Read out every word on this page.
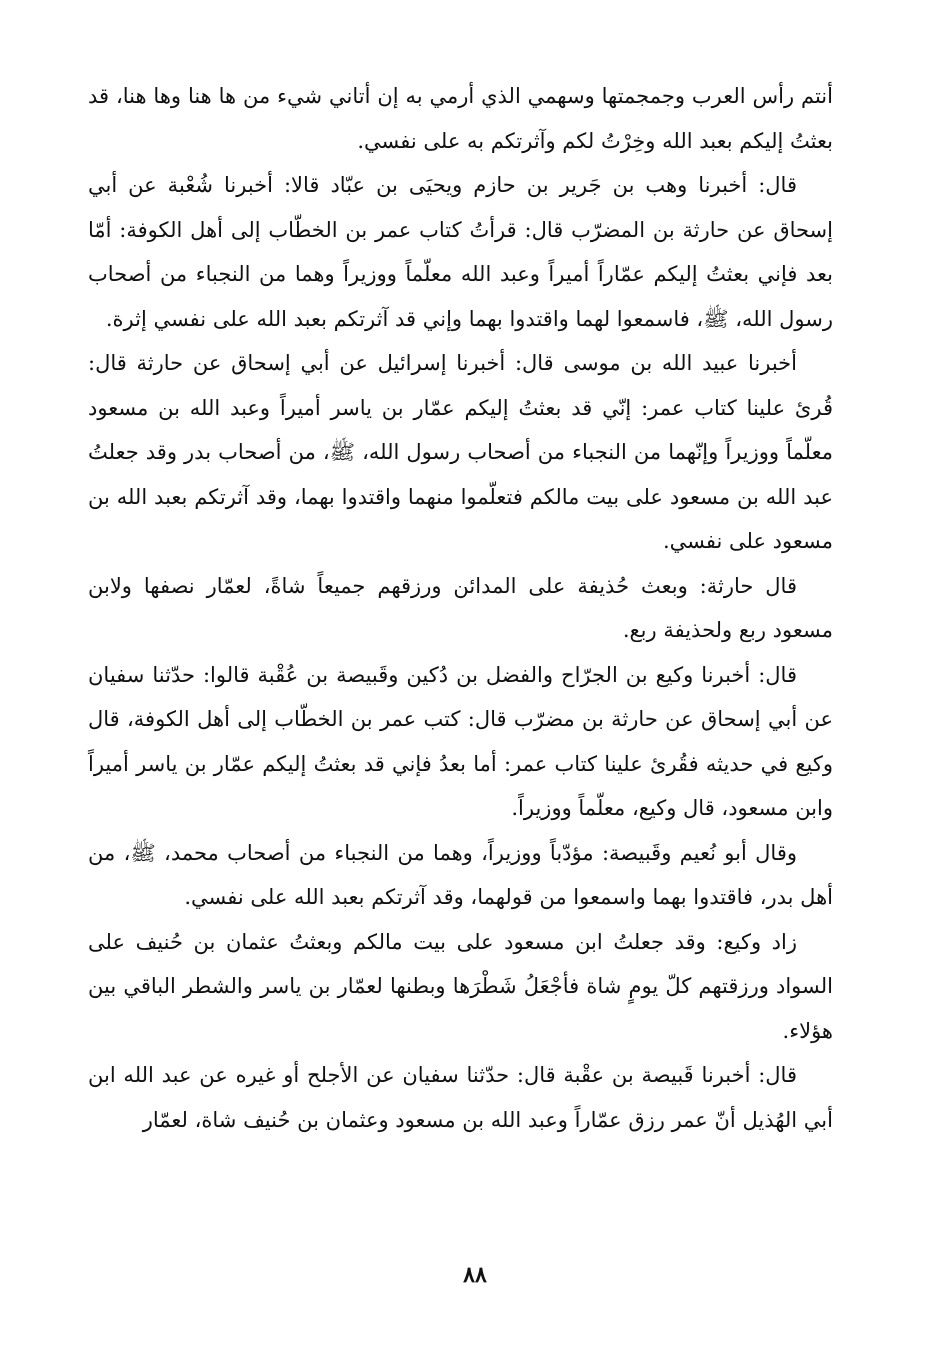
أنتم رأس العرب وجمجمتها وسهمي الذي أرمي به إن أتاني شيء من ها هنا وها هنا، قد بعثتُ إليكم بعبد الله وخِرْتُ لكم وآثرتكم به على نفسي.

قال: أخبرنا وهب بن جَرير بن حازم ويحيَى بن عبّاد قالا: أخبرنا شُعْبة عن أبي إسحاق عن حارثة بن المضرّب قال: قرأتُ كتاب عمر بن الخطّاب إلى أهل الكوفة: أمّا بعد فإني بعثتُ إليكم عمّاراً أميراً وعبد الله معلّماً ووزيراً وهما من النجباء من أصحاب رسول الله، ﷺ، فاسمعوا لهما واقتدوا بهما وإني قد آثرتكم بعبد الله على نفسي إثرة.

أخبرنا عبيد الله بن موسى قال: أخبرنا إسرائيل عن أبي إسحاق عن حارثة قال: قُرئ علينا كتاب عمر: إنّي قد بعثتُ إليكم عمّار بن ياسر أميراً وعبد الله بن مسعود معلّماً ووزيراً وإنّهما من النجباء من أصحاب رسول الله، ﷺ، من أصحاب بدر وقد جعلتُ عبد الله بن مسعود على بيت مالكم فتعلّموا منهما واقتدوا بهما، وقد آثرتكم بعبد الله بن مسعود على نفسي.

قال حارثة: وبعث حُذيفة على المدائن ورزقهم جميعاً شاةً، لعمّار نصفها ولابن مسعود ربع ولحذيفة ربع.

قال: أخبرنا وكيع بن الجرّاح والفضل بن دُكين وقَبيصة بن عُقْبة قالوا: حدّثنا سفيان عن أبي إسحاق عن حارثة بن مضرّب قال: كتب عمر بن الخطّاب إلى أهل الكوفة، قال وكيع في حديثه فقُرئ علينا كتاب عمر: أما بعدُ فإني قد بعثتُ إليكم عمّار بن ياسر أميراً وابن مسعود، قال وكيع، معلّماً ووزيراً.

وقال أبو نُعيم وقَبيصة: مؤدّباً ووزيراً، وهما من النجباء من أصحاب محمد، ﷺ، من أهل بدر، فاقتدوا بهما واسمعوا من قولهما، وقد آثرتكم بعبد الله على نفسي.

زاد وكيع: وقد جعلتُ ابن مسعود على بيت مالكم وبعثتُ عثمان بن حُنيف على السواد ورزقتهم كلّ يومٍ شاة فأجْعَلُ شَطْرَها وبطنها لعمّار بن ياسر والشطر الباقي بين هؤلاء.

قال: أخبرنا قَبيصة بن عقْبة قال: حدّثنا سفيان عن الأجلح أو غيره عن عبد الله ابن أبي الهُذيل أنّ عمر رزق عمّاراً وعبد الله بن مسعود وعثمان بن حُنيف شاة، لعمّار

٨٨
